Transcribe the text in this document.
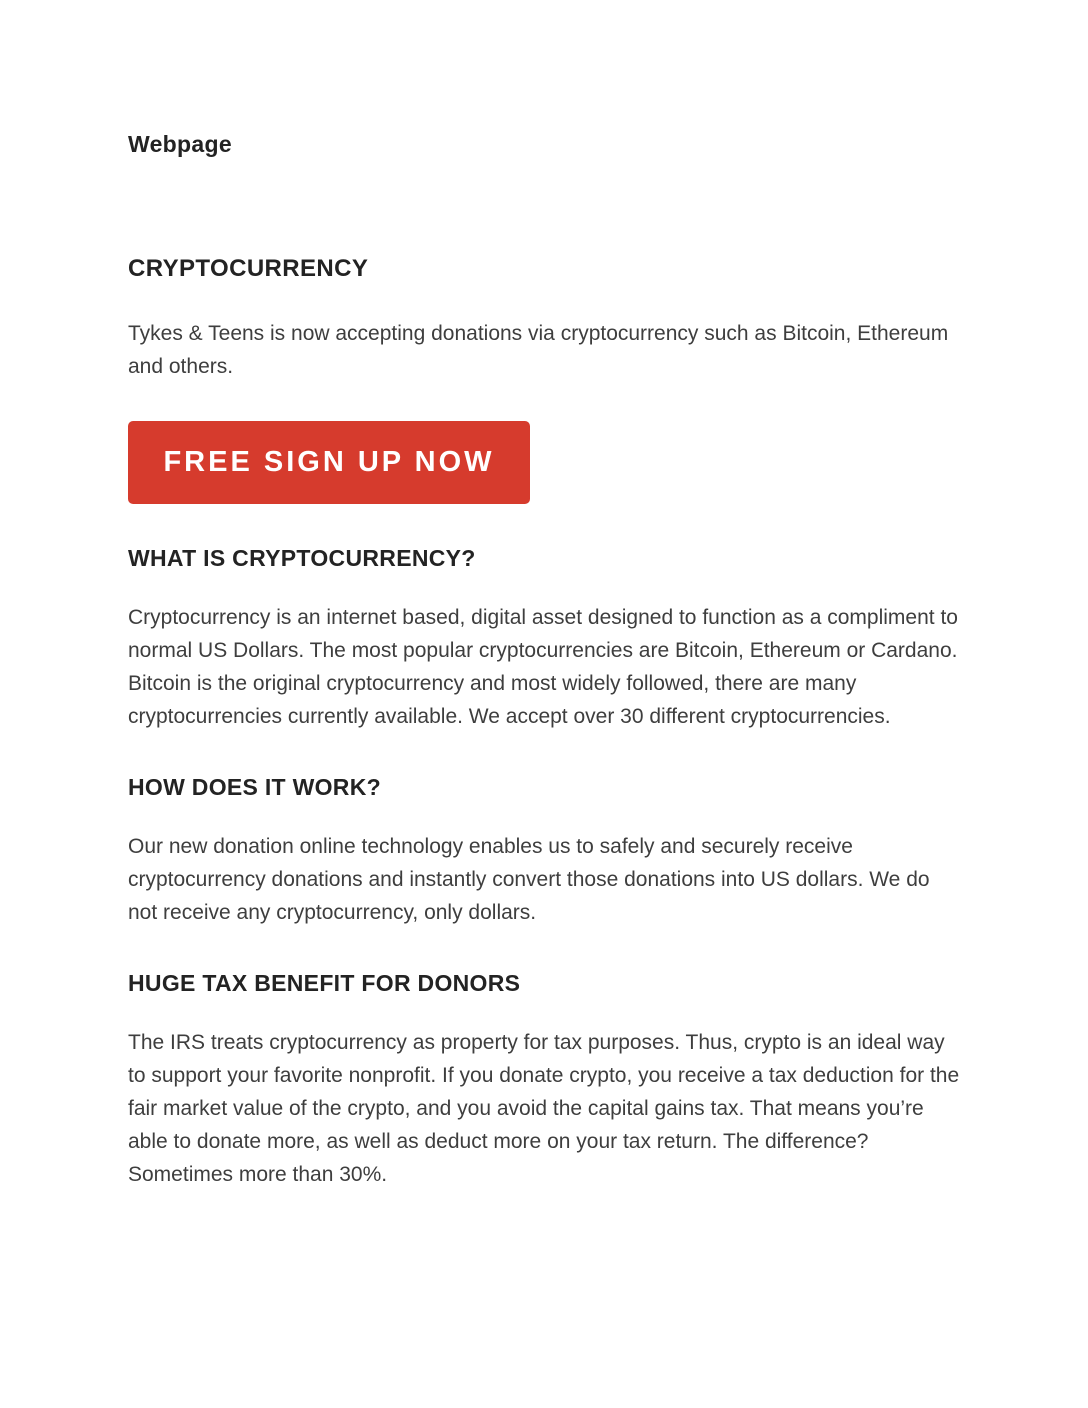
Webpage

CRYPTOCURRENCY

Tykes & Teens is now accepting donations via cryptocurrency such as Bitcoin, Ethereum and others.

FREE SIGN UP NOW
WHAT IS CRYPTOCURRENCY?

Cryptocurrency is an internet based, digital asset designed to function as a compliment to normal US Dollars. The most popular cryptocurrencies are Bitcoin, Ethereum or Cardano. Bitcoin is the original cryptocurrency and most widely followed, there are many cryptocurrencies currently available. We accept over 30 different cryptocurrencies.

HOW DOES IT WORK?

Our new donation online technology enables us to safely and securely receive cryptocurrency donations and instantly convert those donations into US dollars. We do not receive any cryptocurrency, only dollars.

HUGE TAX BENEFIT FOR DONORS

The IRS treats cryptocurrency as property for tax purposes. Thus, crypto is an ideal way to support your favorite nonprofit. If you donate crypto, you receive a tax deduction for the fair market value of the crypto, and you avoid the capital gains tax. That means you’re able to donate more, as well as deduct more on your tax return. The difference? Sometimes more than 30%.
